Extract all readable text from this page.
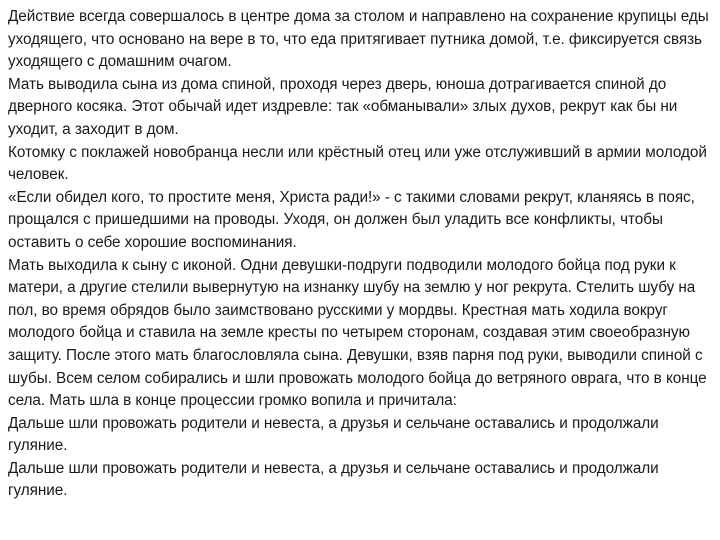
Действие всегда совершалось в центре дома за столом и направлено на сохранение крупицы еды уходящего, что основано на вере в то, что еда притягивает путника домой, т.е. фиксируется связь уходящего с домашним очагом.

Мать выводила сына из дома спиной, проходя через дверь, юноша дотрагивается спиной до дверного косяка. Этот обычай идет издревле: так «обманывали» злых духов, рекрут как бы ни уходит, а заходит в дом.

Котомку с поклажей новобранца несли или крёстный отец или уже отслуживший в армии молодой человек.

«Если обидел кого, то простите меня, Христа ради!» - с такими словами рекрут, кланяясь в пояс, прощался с пришедшими на проводы. Уходя, он должен был уладить все конфликты, чтобы оставить о себе хорошие воспоминания.

Мать выходила к сыну с иконой. Одни девушки-подруги подводили молодого бойца под руки к матери, а другие стелили вывернутую на изнанку шубу на землю у ног рекрута. Стелить шубу на пол, во время обрядов было заимствовано русскими у мордвы. Крестная мать ходила вокруг молодого бойца и ставила на земле кресты по четырем сторонам, создавая этим своеобразную защиту. После этого мать благословляла сына. Девушки, взяв парня под руки, выводили спиной с шубы. Всем селом собирались и шли провожать молодого бойца до ветряного оврага, что в конце села. Мать шла в конце процессии громко вопила и причитала:

Дальше шли провожать родители и невеста, а друзья и сельчане оставались и продолжали гуляние.

Дальше шли провожать родители и невеста, а друзья и сельчане оставались и продолжали гуляние.
